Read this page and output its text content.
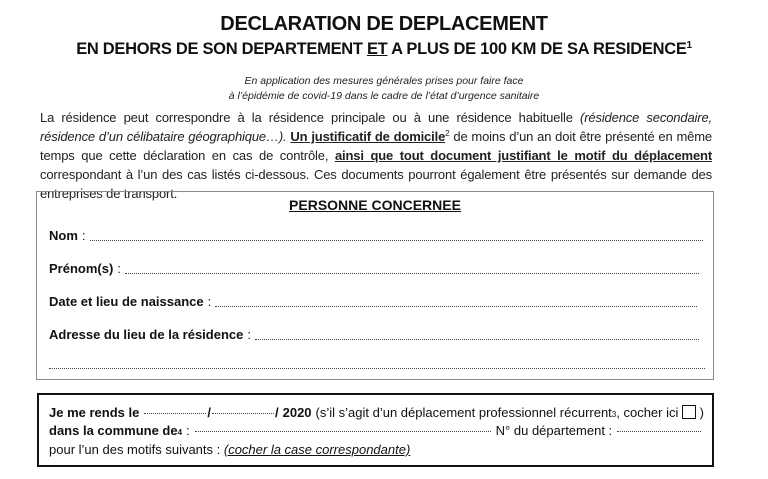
DECLARATION DE DEPLACEMENT
EN DEHORS DE SON DEPARTEMENT ET A PLUS DE 100 KM DE SA RESIDENCE$^1$
En application des mesures générales prises pour faire face
à l’épidémie de covid-19 dans le cadre de l’état d’urgence sanitaire
La résidence peut correspondre à la résidence principale ou à une résidence habituelle (résidence secondaire, résidence d’un célibataire géographique…). Un justificatif de domicile$^2$ de moins d’un an doit être présenté en même temps que cette déclaration en cas de contrôle, ainsi que tout document justifiant le motif du déplacement correspondant à l’un des cas listés ci-dessous. Ces documents pourront également être présentés sur demande des entreprises de transport.
PERSONNE CONCERNEE
Nom :
Prénom(s) :
Date et lieu de naissance :
Adresse du lieu de la résidence :
Je me rends le	/	/ 2020 (s’il s’agit d’un déplacement professionnel récurrent 3 , cocher ici )
dans la commune de 4 :	N° du département :
pour l’un des motifs suivants : (cocher la case correspondante)
